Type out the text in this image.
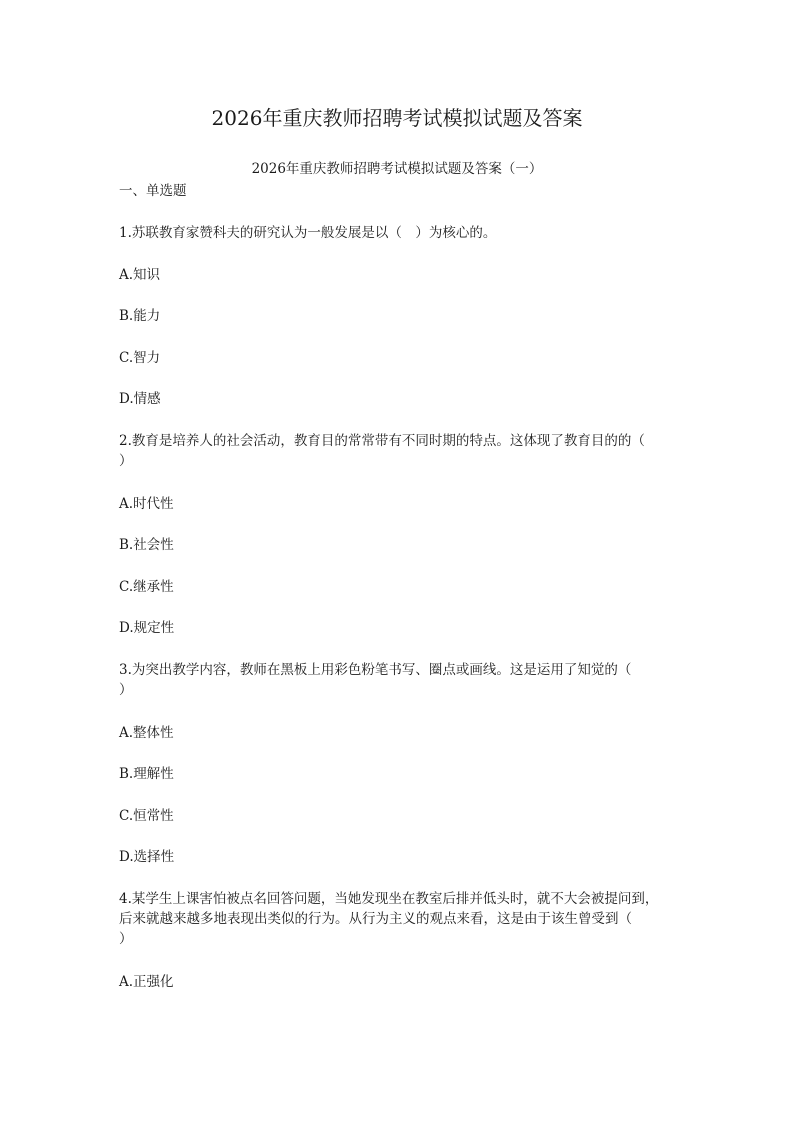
2026年重庆教师招聘考试模拟试题及答案
2026年重庆教师招聘考试模拟试题及答案（一）
一、单选题
1.苏联教育家赞科夫的研究认为一般发展是以（　）为核心的。
A.知识
B.能力
C.智力
D.情感
2.教育是培养人的社会活动，教育目的常常带有不同时期的特点。这体现了教育目的的（
）
A.时代性
B.社会性
C.继承性
D.规定性
3.为突出教学内容，教师在黑板上用彩色粉笔书写、圈点或画线。这是运用了知觉的（
）
A.整体性
B.理解性
C.恒常性
D.选择性
4.某学生上课害怕被点名回答问题，当她发现坐在教室后排并低头时，就不大会被提问到，
后来就越来越多地表现出类似的行为。从行为主义的观点来看，这是由于该生曾受到（
）
A.正强化
